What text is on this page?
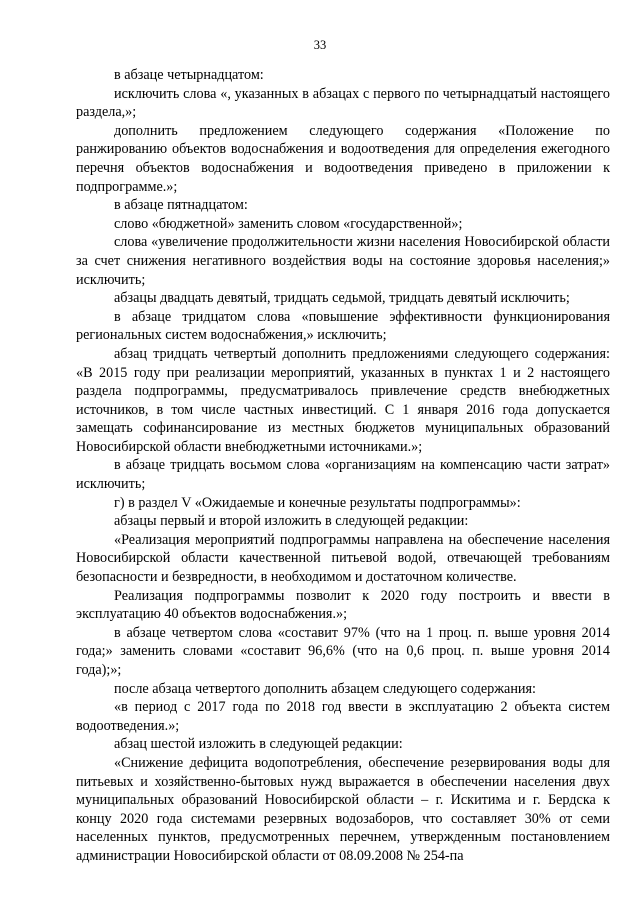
33

в абзаце четырнадцатом:

исключить слова «, указанных в абзацах с первого по четырнадцатый настоящего раздела,»;

дополнить предложением следующего содержания «Положение по ранжированию объектов водоснабжения и водоотведения для определения ежегодного перечня объектов водоснабжения и водоотведения приведено в приложении к подпрограмме.»;

в абзаце пятнадцатом:

слово «бюджетной» заменить словом «государственной»;

слова «увеличение продолжительности жизни населения Новосибирской области за счет снижения негативного воздействия воды на состояние здоровья населения;» исключить;

абзацы двадцать девятый, тридцать седьмой, тридцать девятый исключить;

в абзаце тридцатом слова «повышение эффективности функционирования региональных систем водоснабжения,» исключить;

абзац тридцать четвертый дополнить предложениями следующего содержания: «В 2015 году при реализации мероприятий, указанных в пунктах 1 и 2 настоящего раздела подпрограммы, предусматривалось привлечение средств внебюджетных источников, в том числе частных инвестиций. С 1 января 2016 года допускается замещать софинансирование из местных бюджетов муниципальных образований Новосибирской области внебюджетными источниками.»;

в абзаце тридцать восьмом слова «организациям на компенсацию части затрат» исключить;

г) в раздел V «Ожидаемые и конечные результаты подпрограммы»:

абзацы первый и второй изложить в следующей редакции:

«Реализация мероприятий подпрограммы направлена на обеспечение населения Новосибирской области качественной питьевой водой, отвечающей требованиям безопасности и безвредности, в необходимом и достаточном количестве.

Реализация подпрограммы позволит к 2020 году построить и ввести в эксплуатацию 40 объектов водоснабжения.»;

в абзаце четвертом слова «составит 97% (что на 1 проц. п. выше уровня 2014 года;» заменить словами «составит 96,6% (что на 0,6 проц. п. выше уровня 2014 года);»;

после абзаца четвертого дополнить абзацем следующего содержания:

«в период с 2017 года по 2018 год ввести в эксплуатацию 2 объекта систем водоотведения.»;

абзац шестой изложить в следующей редакции:

«Снижение дефицита водопотребления, обеспечение резервирования воды для питьевых и хозяйственно-бытовых нужд выражается в обеспечении населения двух муниципальных образований Новосибирской области – г. Искитима и г. Бердска к концу 2020 года системами резервных водозаборов, что составляет 30% от семи населенных пунктов, предусмотренных перечнем, утвержденным постановлением администрации Новосибирской области от 08.09.2008 № 254-па
